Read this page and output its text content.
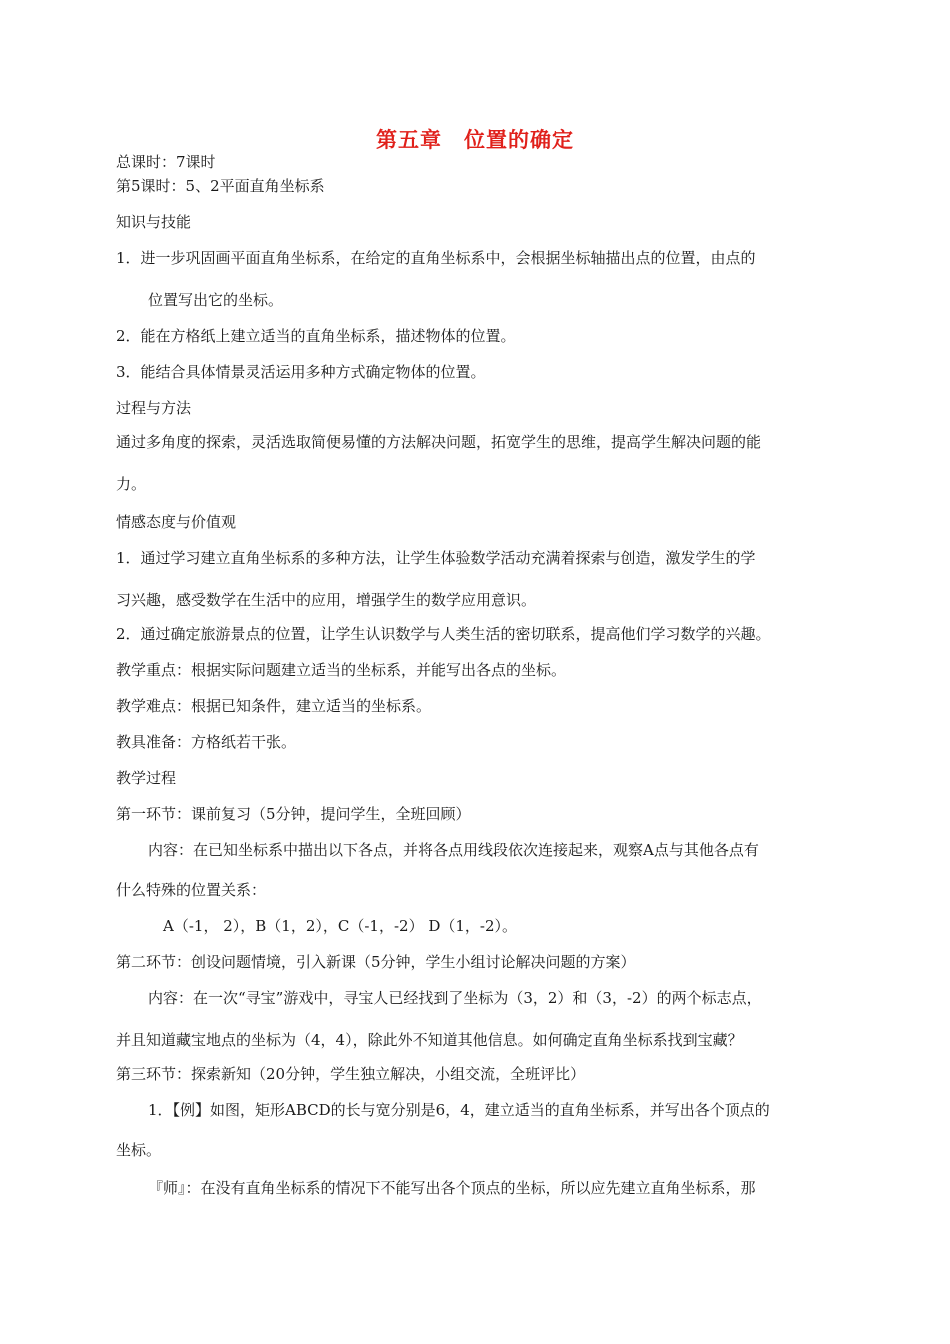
第五章　位置的确定
总课时：7课时
第5课时：5、2平面直角坐标系
知识与技能
1．进一步巩固画平面直角坐标系，在给定的直角坐标系中，会根据坐标轴描出点的位置，由点的
位置写出它的坐标。
2．能在方格纸上建立适当的直角坐标系，描述物体的位置。
3．能结合具体情景灵活运用多种方式确定物体的位置。
过程与方法
通过多角度的探索，灵活选取简便易懂的方法解决问题，拓宽学生的思维，提高学生解决问题的能
力。
情感态度与价值观
1．通过学习建立直角坐标系的多种方法，让学生体验数学活动充满着探索与创造，激发学生的学
习兴趣，感受数学在生活中的应用，增强学生的数学应用意识。
2．通过确定旅游景点的位置，让学生认识数学与人类生活的密切联系，提高他们学习数学的兴趣。
教学重点：根据实际问题建立适当的坐标系，并能写出各点的坐标。
教学难点：根据已知条件，建立适当的坐标系。
教具准备：方格纸若干张。
教学过程
第一环节：课前复习（5分钟，提问学生，全班回顾）
内容：在已知坐标系中描出以下各点，并将各点用线段依次连接起来，观察A点与其他各点有
什么特殊的位置关系：
A（-1， 2），B（1，2），C（-1，-2） D（1，-2）。
第二环节：创设问题情境，引入新课（5分钟，学生小组讨论解决问题的方案）
内容：在一次“寻宝”游戏中，寻宝人已经找到了坐标为（3，2）和（3，-2）的两个标志点，
并且知道藏宝地点的坐标为（4，4），除此外不知道其他信息。如何确定直角坐标系找到宝藏？
第三环节：探索新知（20分钟，学生独立解决，小组交流，全班评比）
1．【例】如图，矩形ABCD的长与宽分别是6，4，建立适当的直角坐标系，并写出各个顶点的
坐标。
『师』：在没有直角坐标系的情况下不能写出各个顶点的坐标，所以应先建立直角坐标系，那
